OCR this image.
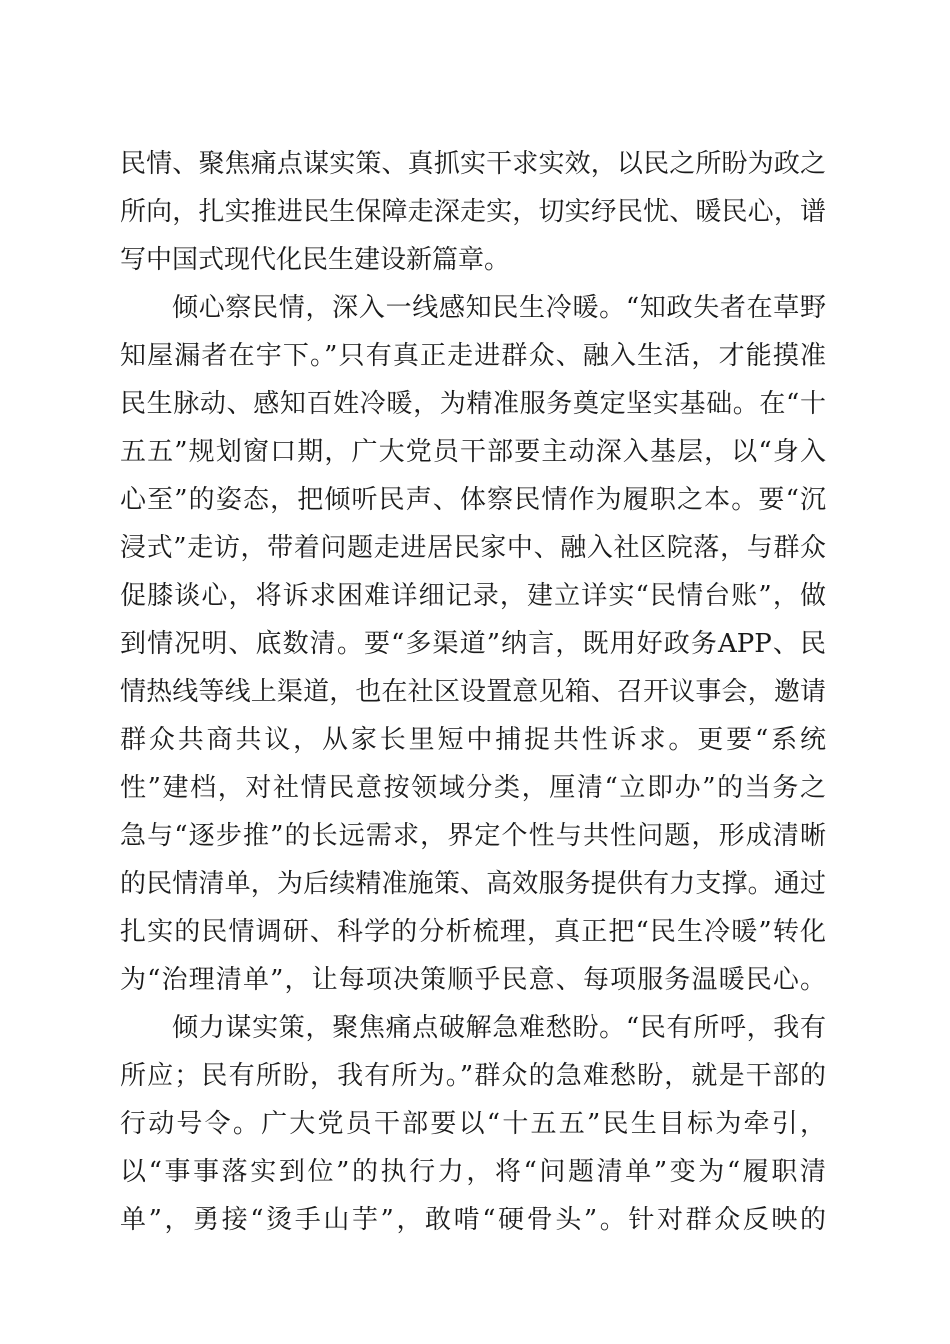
民情、聚焦痛点谋实策、真抓实干求实效，以民之所盼为政之
所向，扎实推进民生保障走深走实，切实纾民忧、暖民心，谱
写中国式现代化民生建设新篇章。
倾心察民情，深入一线感知民生冷暖。“知政失者在草野
知屋漏者在宇下。”只有真正走进群众、融入生活，才能摸准
民生脉动、感知百姓冷暖，为精准服务奠定坚实基础。在“十
五五”规划窗口期，广大党员干部要主动深入基层，以“身入
心至”的姿态，把倾听民声、体察民情作为履职之本。要“沉
浸式”走访，带着问题走进居民家中、融入社区院落，与群众
促膝谈心，将诉求困难详细记录，建立详实“民情台账”，做
到情况明、底数清。要“多渠道”纳言，既用好政务APP、民
情热线等线上渠道，也在社区设置意见箱、召开议事会，邀请
群众共商共议，从家长里短中捕捉共性诉求。更要“系统
性”建档，对社情民意按领域分类，厘清“立即办”的当务之
急与“逐步推”的长远需求，界定个性与共性问题，形成清晰
的民情清单，为后续精准施策、高效服务提供有力支撑。通过
扎实的民情调研、科学的分析梳理，真正把“民生冷暖”转化
为“治理清单”，让每项决策顺乎民意、每项服务温暖民心。
倾力谋实策，聚焦痛点破解急难愁盼。“民有所呼，我有
所应；民有所盼，我有所为。”群众的急难愁盼，就是干部的
行动号令。广大党员干部要以“十五五”民生目标为牵引，
以“事事落实到位”的执行力，将“问题清单”变为“履职清
单”，勇接“烫手山芋”，敢啃“硬骨头”。针对群众反映的
